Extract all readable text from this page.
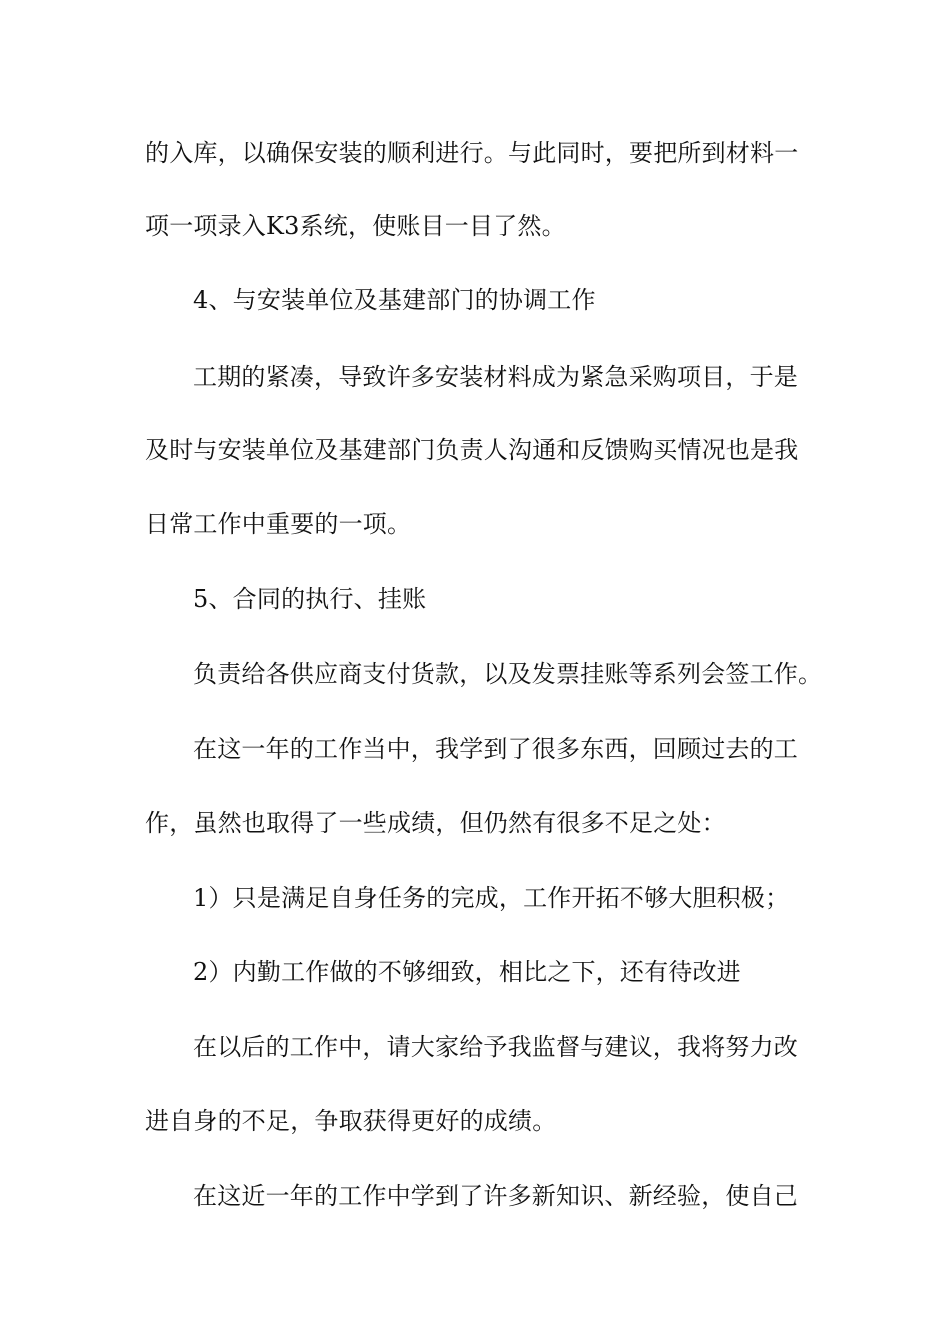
的入库，以确保安装的顺利进行。与此同时，要把所到材料一
项一项录入K3系统，使账目一目了然。
4、与安装单位及基建部门的协调工作
工期的紧凑，导致许多安装材料成为紧急采购项目，于是
及时与安装单位及基建部门负责人沟通和反馈购买情况也是我
日常工作中重要的一项。
5、合同的执行、挂账
负责给各供应商支付货款，以及发票挂账等系列会签工作。
在这一年的工作当中，我学到了很多东西，回顾过去的工
作，虽然也取得了一些成绩，但仍然有很多不足之处：
1）只是满足自身任务的完成，工作开拓不够大胆积极；
2）内勤工作做的不够细致，相比之下，还有待改进
在以后的工作中，请大家给予我监督与建议，我将努力改
进自身的不足，争取获得更好的成绩。
在这近一年的工作中学到了许多新知识、新经验，使自己
